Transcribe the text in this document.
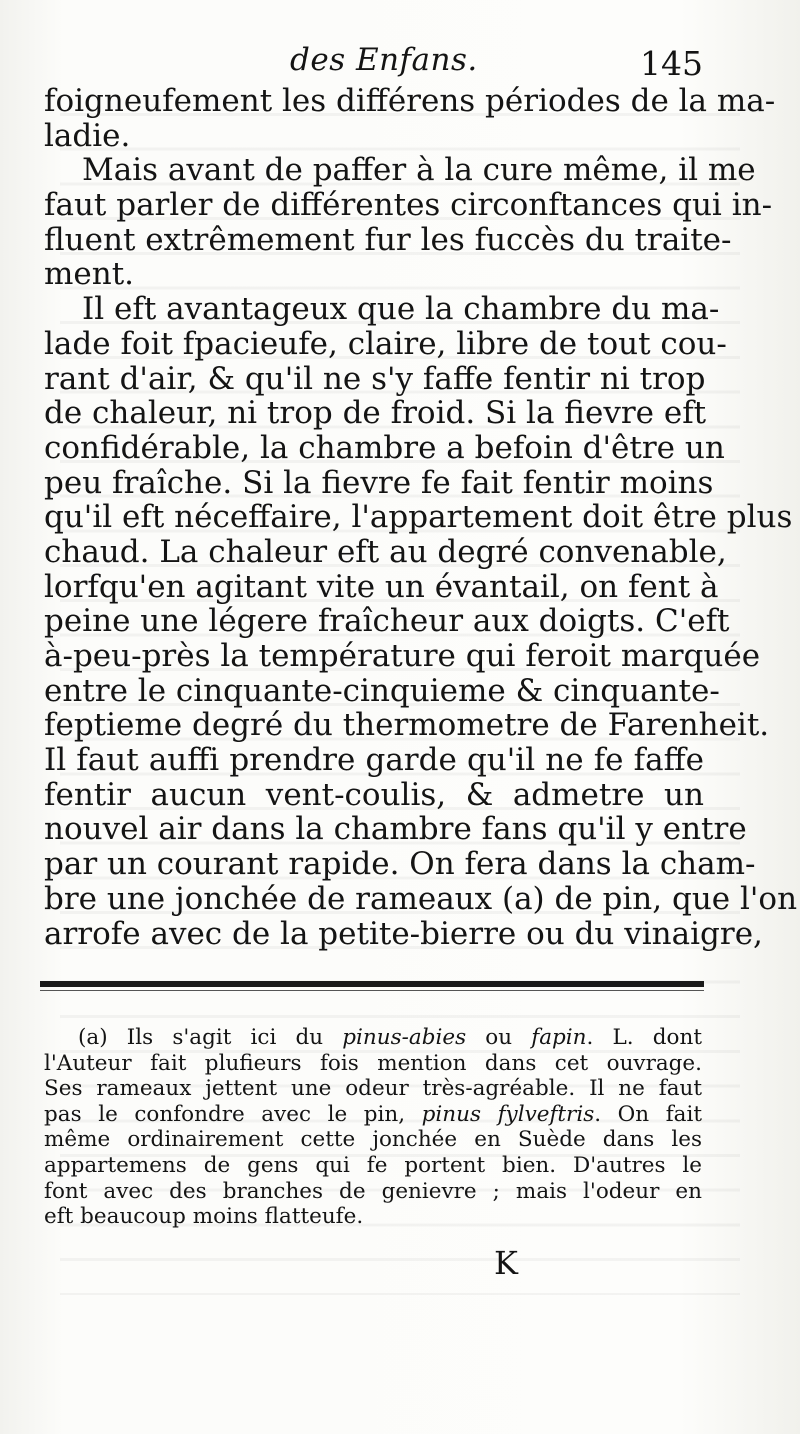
des Enfans.	145
foigneufement les différens périodes de la ma-
ladie.
Mais avant de paffer à la cure même, il me
faut parler de différentes circonftances qui in-
fluent extrêmement fur les fuccès du traite-
ment.
Il eft avantageux que la chambre du ma-
lade foit fpacieufe, claire, libre de tout cou-
rant d'air, & qu'il ne s'y faffe fentir ni trop
de chaleur, ni trop de froid. Si la fievre eft
confidérable, la chambre a befoin d'être un
peu fraîche. Si la fievre fe fait fentir moins
qu'il eft néceffaire, l'appartement doit être plus
chaud. La chaleur eft au degré convenable,
lorfqu'en agitant vite un évantail, on fent à
peine une légere fraîcheur aux doigts. C'eft
à-peu-près la température qui feroit marquée
entre le cinquante-cinquieme & cinquante-
feptieme degré du thermometre de Farenheit.
Il faut auffi prendre garde qu'il ne fe faffe
fentir aucun vent-coulis, & admetre un
nouvel air dans la chambre fans qu'il y entre
par un courant rapide. On fera dans la cham-
bre une jonchée de rameaux (a) de pin, que l'on
arrofe avec de la petite-bierre ou du vinaigre,
(a) Ils s'agit ici du pinus-abies ou fapin. L. dont
l'Auteur fait plufieurs fois mention dans cet ouvrage.
Ses rameaux jettent une odeur très-agréable. Il ne faut
pas le confondre avec le pin, pinus fylveftris. On fait
même ordinairement cette jonchée en Suède dans les
appartemens de gens qui fe portent bien. D'autres le
font avec des branches de genievre ; mais l'odeur en
eft beaucoup moins flatteufe.
K
